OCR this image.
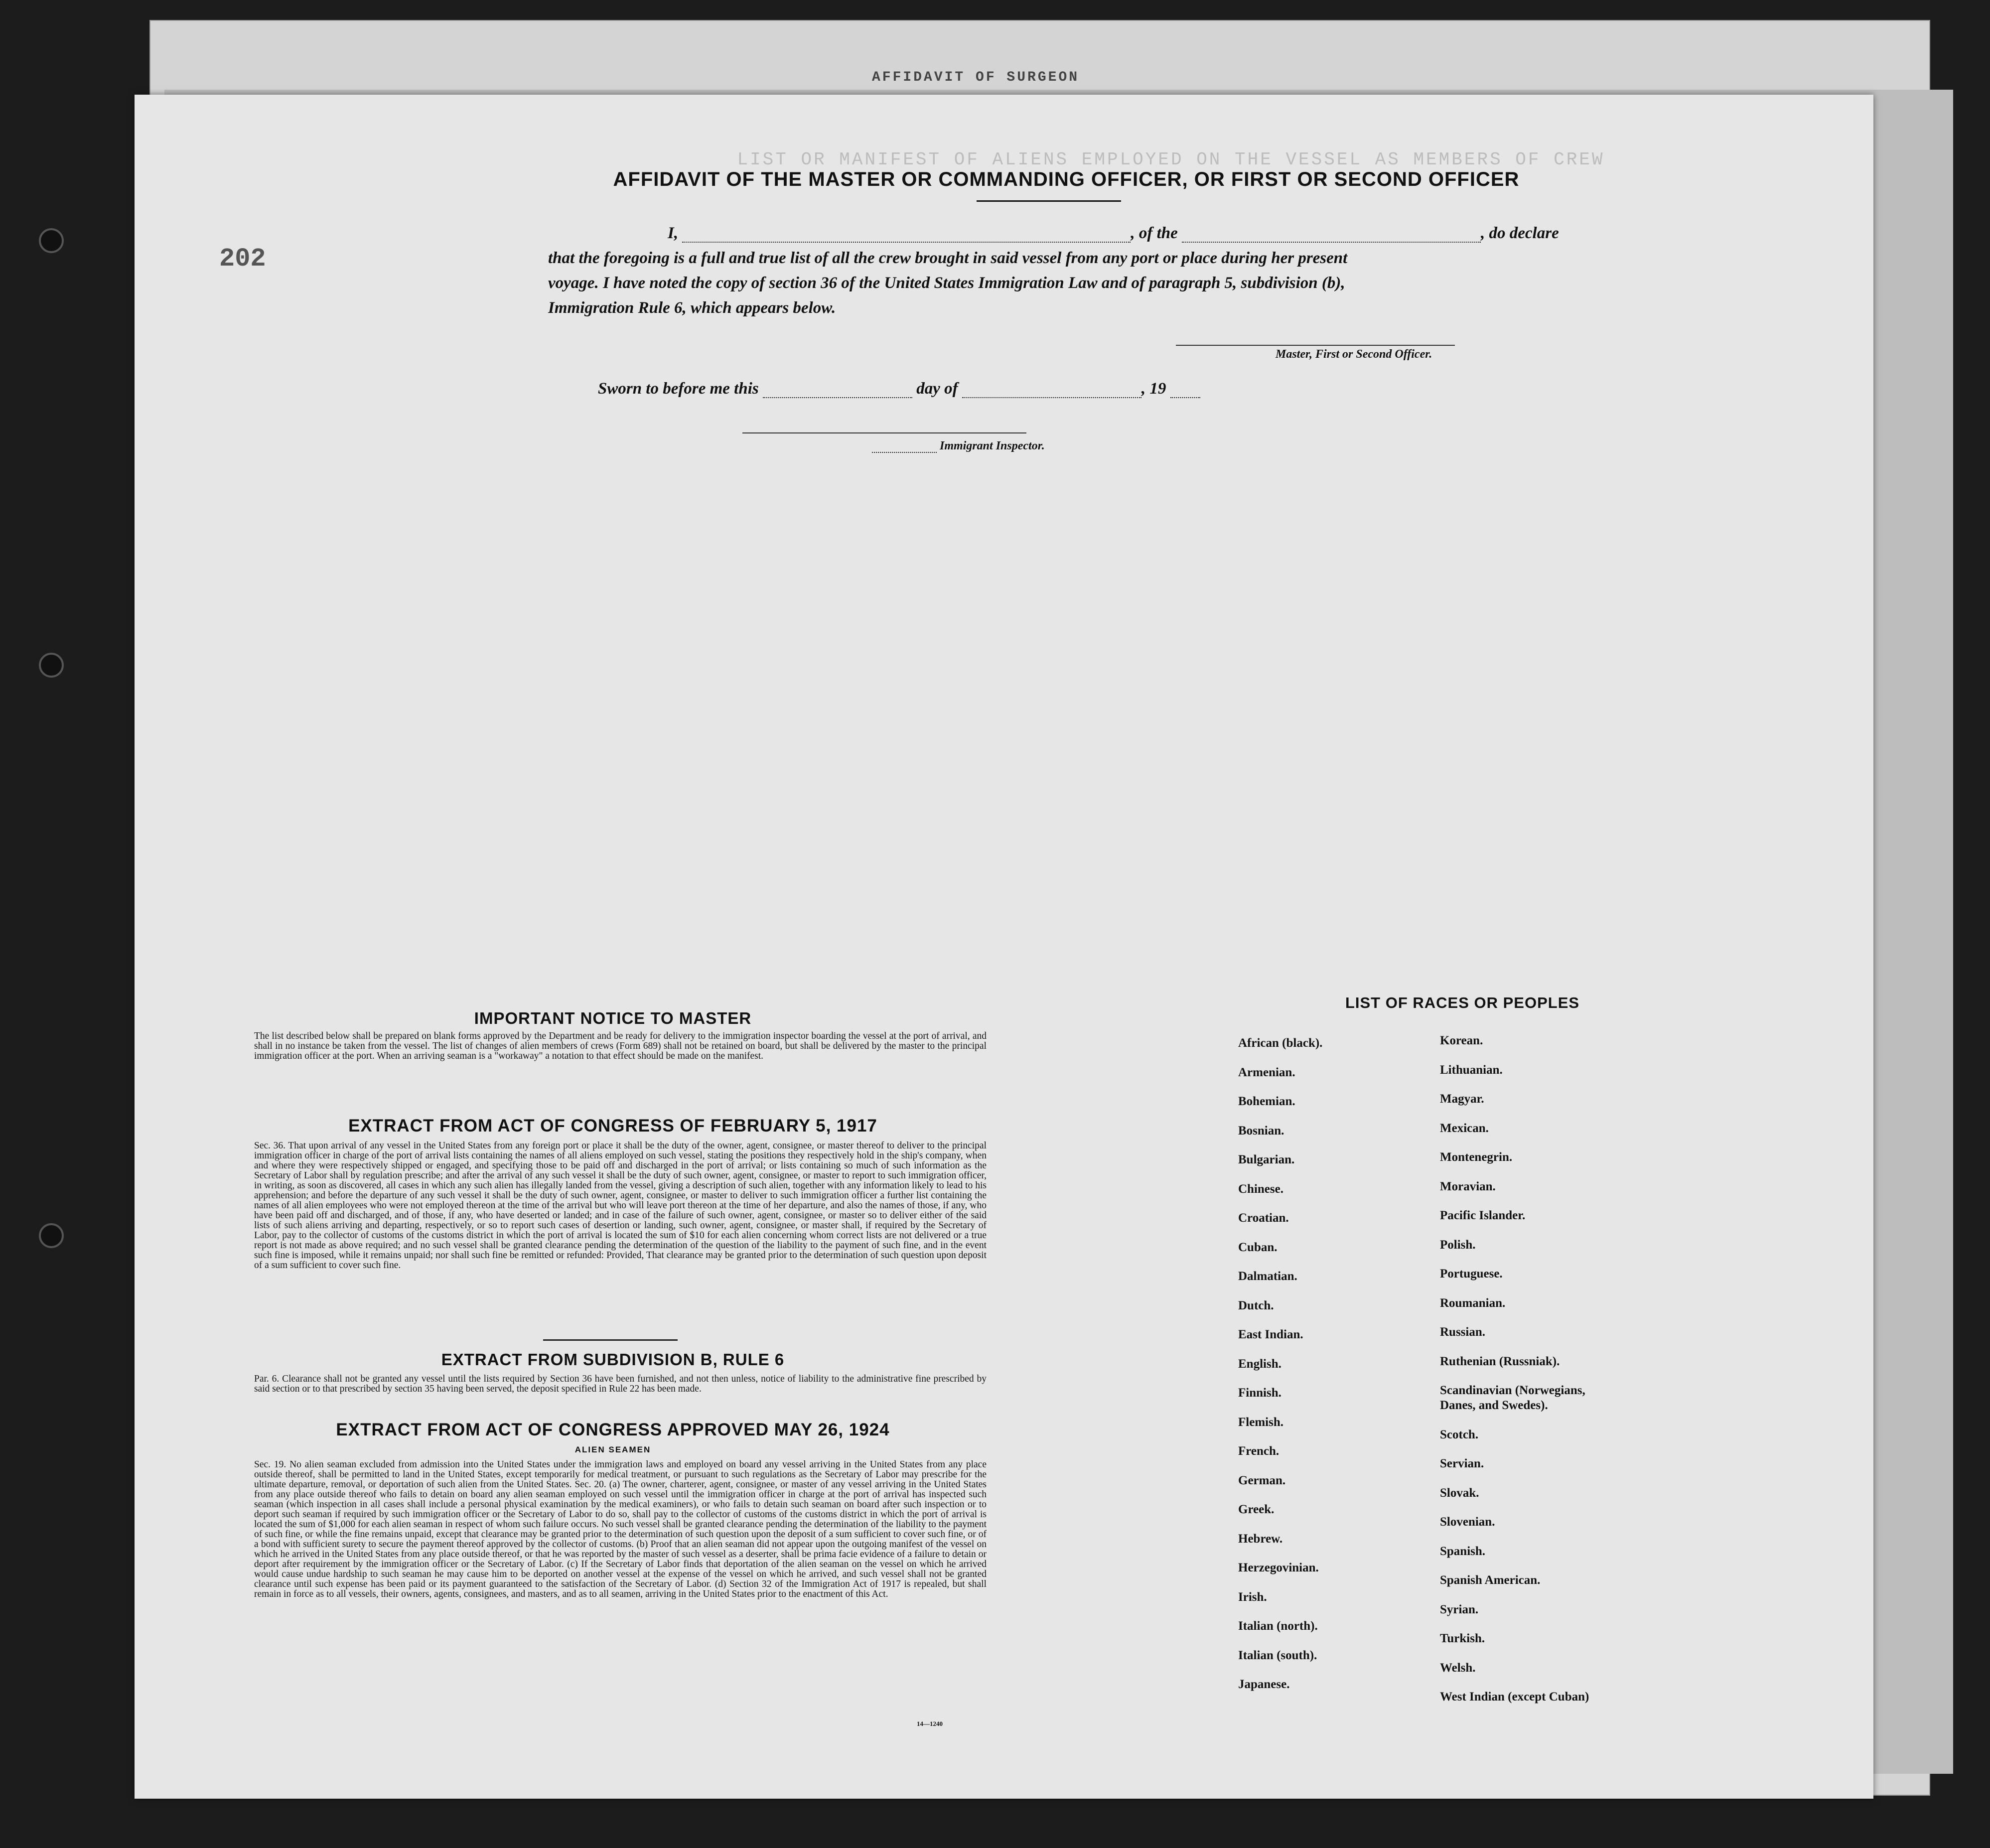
AFFIDAVIT OF SURGEON
LIST OR MANIFEST OF ALIENS EMPLOYED ON THE VESSEL AS MEMBERS OF CREW
202
AFFIDAVIT OF THE MASTER OR COMMANDING OFFICER, OR FIRST OR SECOND OFFICER
I,	, of the	, do declare
that the foregoing is a full and true list of all the crew brought in said vessel from any port or place during her present
voyage. I have noted the copy of section 36 of the United States Immigration Law and of paragraph 5, subdivision (b),
Immigration Rule 6, which appears below.
Master, First or Second Officer.
Sworn to before me this	day of	, 19
Immigrant Inspector.
IMPORTANT NOTICE TO MASTER
The list described below shall be prepared on blank forms approved by the Department and be ready for delivery to the immigration inspector boarding the vessel at the port of arrival, and shall in no instance be taken from the vessel. The list of changes of alien members of crews (Form 689) shall not be retained on board, but shall be delivered by the master to the principal immigration officer at the port. When an arriving seaman is a "workaway" a notation to that effect should be made on the manifest.
EXTRACT FROM ACT OF CONGRESS OF FEBRUARY 5, 1917
Sec. 36. That upon arrival of any vessel in the United States from any foreign port or place it shall be the duty of the owner, agent, consignee, or master thereof to deliver to the principal immigration officer in charge of the port of arrival lists containing the names of all aliens employed on such vessel, stating the positions they respectively hold in the ship's company, when and where they were respectively shipped or engaged, and specifying those to be paid off and discharged in the port of arrival; or lists containing so much of such information as the Secretary of Labor shall by regulation prescribe; and after the arrival of any such vessel it shall be the duty of such owner, agent, consignee, or master to report to such immigration officer, in writing, as soon as discovered, all cases in which any such alien has illegally landed from the vessel, giving a description of such alien, together with any information likely to lead to his apprehension; and before the departure of any such vessel it shall be the duty of such owner, agent, consignee, or master to deliver to such immigration officer a further list containing the names of all alien employees who were not employed thereon at the time of the arrival but who will leave port thereon at the time of her departure, and also the names of those, if any, who have been paid off and discharged, and of those, if any, who have deserted or landed; and in case of the failure of such owner, agent, consignee, or master so to deliver either of the said lists of such aliens arriving and departing, respectively, or so to report such cases of desertion or landing, such owner, agent, consignee, or master shall, if required by the Secretary of Labor, pay to the collector of customs of the customs district in which the port of arrival is located the sum of $10 for each alien concerning whom correct lists are not delivered or a true report is not made as above required; and no such vessel shall be granted clearance pending the determination of the question of the liability to the payment of such fine, and in the event such fine is imposed, while it remains unpaid; nor shall such fine be remitted or refunded: Provided, That clearance may be granted prior to the determination of such question upon deposit of a sum sufficient to cover such fine.
EXTRACT FROM SUBDIVISION B, RULE 6
Par. 6. Clearance shall not be granted any vessel until the lists required by Section 36 have been furnished, and not then unless, notice of liability to the administrative fine prescribed by said section or to that prescribed by section 35 having been served, the deposit specified in Rule 22 has been made.
EXTRACT FROM ACT OF CONGRESS APPROVED MAY 26, 1924
ALIEN SEAMEN
Sec. 19. No alien seaman excluded from admission into the United States under the immigration laws and employed on board any vessel arriving in the United States from any place outside thereof, shall be permitted to land in the United States, except temporarily for medical treatment, or pursuant to such regulations as the Secretary of Labor may prescribe for the ultimate departure, removal, or deportation of such alien from the United States. Sec. 20. (a) The owner, charterer, agent, consignee, or master of any vessel arriving in the United States from any place outside thereof who fails to detain on board any alien seaman employed on such vessel until the immigration officer in charge at the port of arrival has inspected such seaman (which inspection in all cases shall include a personal physical examination by the medical examiners), or who fails to detain such seaman on board after such inspection or to deport such seaman if required by such immigration officer or the Secretary of Labor to do so, shall pay to the collector of customs of the customs district in which the port of arrival is located the sum of $1,000 for each alien seaman in respect of whom such failure occurs. No such vessel shall be granted clearance pending the determination of the liability to the payment of such fine, or while the fine remains unpaid, except that clearance may be granted prior to the determination of such question upon the deposit of a sum sufficient to cover such fine, or of a bond with sufficient surety to secure the payment thereof approved by the collector of customs. (b) Proof that an alien seaman did not appear upon the outgoing manifest of the vessel on which he arrived in the United States from any place outside thereof, or that he was reported by the master of such vessel as a deserter, shall be prima facie evidence of a failure to detain or deport after requirement by the immigration officer or the Secretary of Labor. (c) If the Secretary of Labor finds that deportation of the alien seaman on the vessel on which he arrived would cause undue hardship to such seaman he may cause him to be deported on another vessel at the expense of the vessel on which he arrived, and such vessel shall not be granted clearance until such expense has been paid or its payment guaranteed to the satisfaction of the Secretary of Labor. (d) Section 32 of the Immigration Act of 1917 is repealed, but shall remain in force as to all vessels, their owners, agents, consignees, and masters, and as to all seamen, arriving in the United States prior to the enactment of this Act.
14—1240
LIST OF RACES OR PEOPLES
African (black).
Armenian.
Bohemian.
Bosnian.
Bulgarian.
Chinese.
Croatian.
Cuban.
Dalmatian.
Dutch.
East Indian.
English.
Finnish.
Flemish.
French.
German.
Greek.
Hebrew.
Herzegovinian.
Irish.
Italian (north).
Italian (south).
Japanese.
Korean.
Lithuanian.
Magyar.
Mexican.
Montenegrin.
Moravian.
Pacific Islander.
Polish.
Portuguese.
Roumanian.
Russian.
Ruthenian (Russniak).
Scandinavian (Norwegians,
Danes, and Swedes).
Scotch.
Servian.
Slovak.
Slovenian.
Spanish.
Spanish American.
Syrian.
Turkish.
Welsh.
West Indian (except Cuban)
